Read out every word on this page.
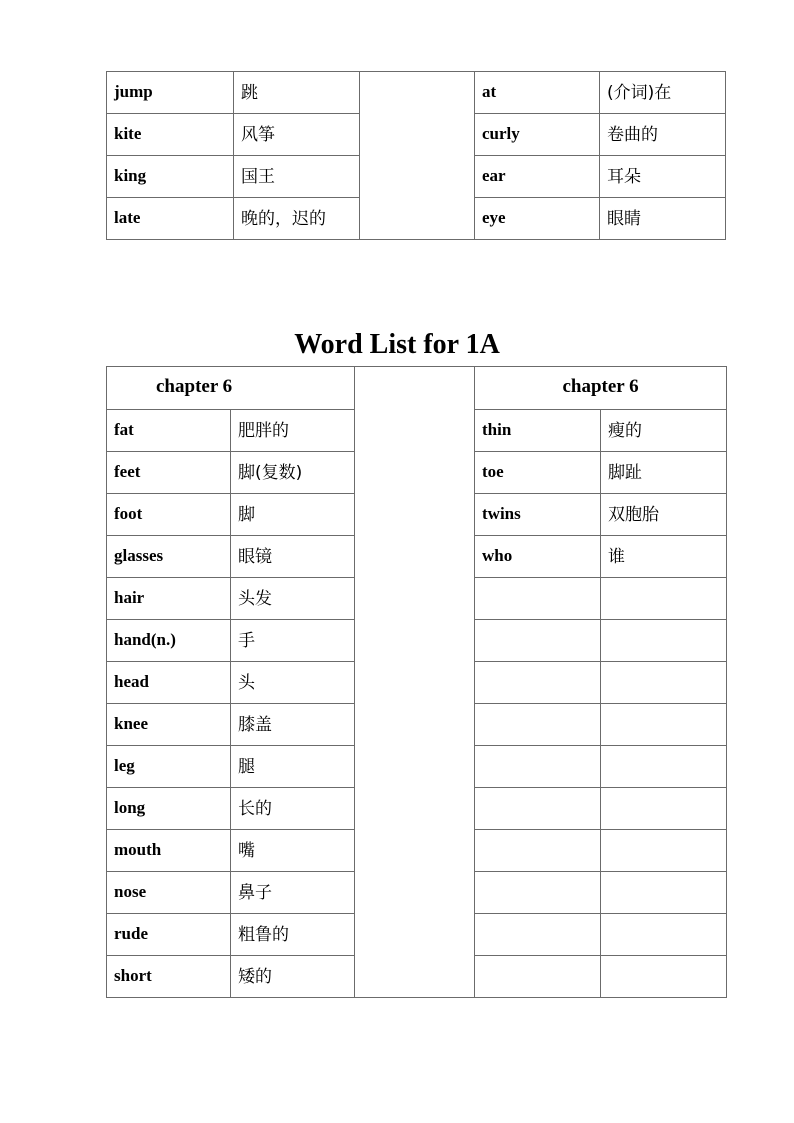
jump	跳		at	(介词)在
kite	风筝		curly	卷曲的
king	国王		ear	耳朵
late	晚的，迟的		eye	眼睛
Word List for 1A
chapter 6			chapter 6	
fat	肥胖的		thin	瘦的
feet	脚(复数)		toe	脚趾
foot	脚		twins	双胞胎
glasses	眼镜		who	谁
hair	头发			
hand(n.)	手			
head	头			
knee	膝盖			
leg	腿			
long	长的			
mouth	嘴			
nose	鼻子			
rude	粗鲁的			
short	矮的			
